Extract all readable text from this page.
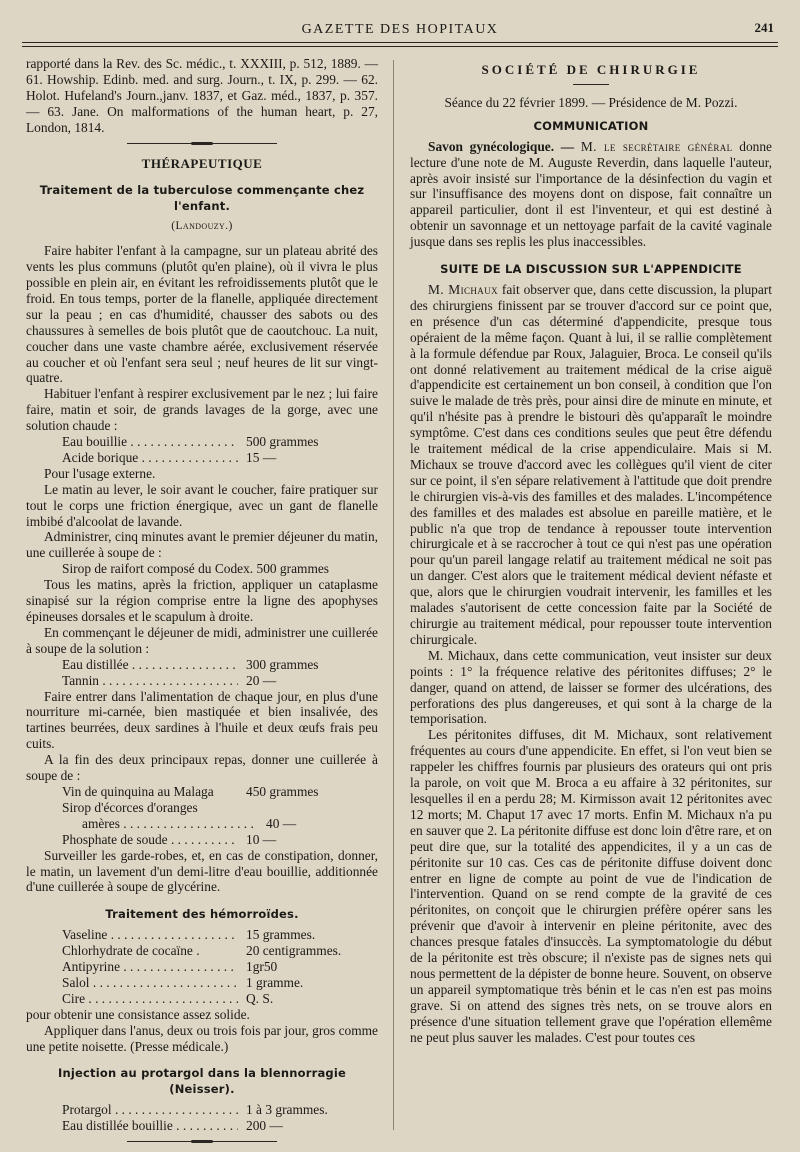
GAZETTE DES HOPITAUX	241

rapporté dans la Rev. des Sc. médic., t. XXXIII, p. 512, 1889. — 61. Howship. Edinb. med. and surg. Journ., t. IX, p. 299. — 62. Holot. Hufeland's Journ.,janv. 1837, et Gaz. méd., 1837, p. 357. — 63. Jane. On malformations of the human heart, p. 27, London, 1814.

THÉRAPEUTIQUE
Traitement de la tuberculose commençante chez l'enfant.
(Landouzy.)

Faire habiter l'enfant à la campagne, sur un plateau abrité des vents les plus communs (plutôt qu'en plaine), où il vivra le plus possible en plein air, en évitant les refroidissements plutôt que le froid. En tous temps, porter de la flanelle, appliquée directement sur la peau ; en cas d'humidité, chausser des sabots ou des chaussures à semelles de bois plutôt que de caoutchouc. La nuit, coucher dans une vaste chambre aérée, exclusivement réservée au coucher et où l'enfant sera seul ; neuf heures de lit sur vingt-quatre.

Habituer l'enfant à respirer exclusivement par le nez ; lui faire faire, matin et soir, de grands lavages de la gorge, avec une solution chaude :

Eau bouillie . . .	500 grammes
Acide borique . . .	15 —

Pour l'usage externe.

Le matin au lever, le soir avant le coucher, faire pratiquer sur tout le corps une friction énergique, avec un gant de flanelle imbibé d'alcoolat de lavande.

Administrer, cinq minutes avant le premier déjeuner du matin, une cuillerée à soupe de :

Sirop de raifort composé du Codex. 500 grammes

Tous les matins, après la friction, appliquer un cataplasme sinapisé sur la région comprise entre la ligne des apophyses épineuses dorsales et le scapulum à droite.

En commençant le déjeuner de midi, administrer une cuillerée à soupe de la solution :

Eau distillée . . .	300 grammes
Tannin . . .	20 —

Faire entrer dans l'alimentation de chaque jour, en plus d'une nourriture mi-carnée, bien mastiquée et bien insalivée, des tartines beurrées, deux sardines à l'huile et deux œufs frais peu cuits.

A la fin des deux principaux repas, donner une cuillerée à soupe de :

Vin de quinquina au Malaga	450 grammes
Sirop d'écorces d'oranges
amères . . .	40 —
Phosphate de soude . . .	10 —

Surveiller les garde-robes, et, en cas de constipation, donner, le matin, un lavement d'un demi-litre d'eau bouillie, additionnée d'une cuillerée à soupe de glycérine.

Traitement des hémorroïdes.
Vaseline . . .	15 grammes.
Chlorhydrate de cocaïne .	20 centigrammes.
Antipyrine . . .	1gr50
Salol . . .	1 gramme.
Cire . . .	Q. S.

pour obtenir une consistance assez solide.

Appliquer dans l'anus, deux ou trois fois par jour, gros comme une petite noisette. (Presse médicale.)

Injection au protargol dans la blennorragie (Neisser).
Protargol . . .	1 à 3 grammes.
Eau distillée bouillie . . .	200 —
SOCIÉTÉ DE CHIRURGIE

Séance du 22 février 1899. — Présidence de M. Pozzi.

COMMUNICATION

Savon gynécologique. — M. le secrétaire général donne lecture d'une note de M. Auguste Reverdin, dans laquelle l'auteur, après avoir insisté sur l'importance de la désinfection du vagin et sur l'insuffisance des moyens dont on dispose, fait connaître un appareil particulier, dont il est l'inventeur, et qui est destiné à obtenir un savonnage et un nettoyage parfait de la cavité vaginale jusque dans ses replis les plus inaccessibles.

SUITE DE LA DISCUSSION SUR L'APPENDICITE

M. Michaux fait observer que, dans cette discussion, la plupart des chirurgiens finissent par se trouver d'accord sur ce point que, en présence d'un cas déterminé d'appendicite, presque tous opéraient de la même façon. Quant à lui, il se rallie complètement à la formule défendue par Roux, Jalaguier, Broca. Le conseil qu'ils ont donné relativement au traitement médical de la crise aiguë d'appendicite est certainement un bon conseil, à condition que l'on suive le malade de très près, pour ainsi dire de minute en minute, et qu'il n'hésite pas à prendre le bistouri dès qu'apparaît le moindre symptôme. C'est dans ces conditions seules que peut être défendu le traitement médical de la crise appendiculaire. Mais si M. Michaux se trouve d'accord avec les collègues qu'il vient de citer sur ce point, il s'en sépare relativement à l'attitude que doit prendre le chirurgien vis-à-vis des familles et des malades. L'incompétence des familles et des malades est absolue en pareille matière, et le public n'a que trop de tendance à repousser toute intervention chirurgicale et à se raccrocher à tout ce qui n'est pas une opération pour qu'un pareil langage relatif au traitement médical ne soit pas un danger. C'est alors que le traitement médical devient néfaste et que, alors que le chirurgien voudrait intervenir, les familles et les malades s'autorisent de cette concession faite par la Société de chirurgie au traitement médical, pour repousser toute intervention chirurgicale.

M. Michaux, dans cette communication, veut insister sur deux points : 1° la fréquence relative des péritonites diffuses; 2° le danger, quand on attend, de laisser se former des ulcérations, des perforations des plus dangereuses, et qui sont à la charge de la temporisation.

Les péritonites diffuses, dit M. Michaux, sont relativement fréquentes au cours d'une appendicite. En effet, si l'on veut bien se rappeler les chiffres fournis par plusieurs des orateurs qui ont pris la parole, on voit que M. Broca a eu affaire à 32 péritonites, sur lesquelles il en a perdu 28; M. Kirmisson avait 12 péritonites avec 12 morts; M. Chaput 17 avec 17 morts. Enfin M. Michaux n'a pu en sauver que 2. La péritonite diffuse est donc loin d'être rare, et on peut dire que, sur la totalité des appendicites, il y a un cas de péritonite sur 10 cas. Ces cas de péritonite diffuse doivent donc entrer en ligne de compte au point de vue de l'indication de l'intervention. Quand on se rend compte de la gravité de ces péritonites, on conçoit que le chirurgien préfère opérer sans les prévenir que d'avoir à intervenir en pleine péritonite, avec des chances presque fatales d'insuccès. La symptomatologie du début de la péritonite est très obscure; il n'existe pas de signes nets qui nous permettent de la dépister de bonne heure. Souvent, on observe un appareil symptomatique très bénin et le cas n'en est pas moins grave. Si on attend des signes très nets, on se trouve alors en présence d'une situation tellement grave que l'opération ellemême ne peut plus sauver les malades. C'est pour toutes ces
